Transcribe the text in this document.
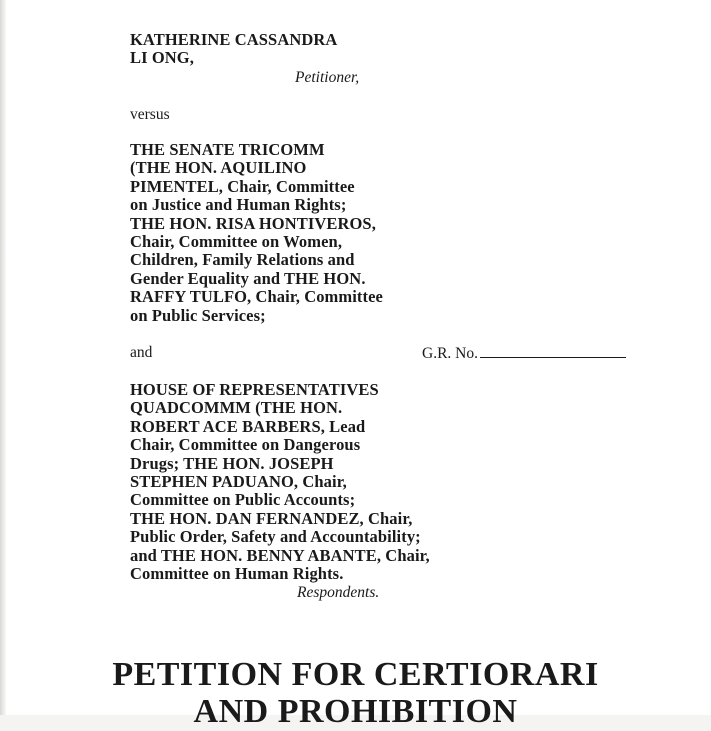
KATHERINE CASSANDRA
LI ONG,
Petitioner,
versus
THE SENATE TRICOMM
(THE HON. AQUILINO
PIMENTEL, Chair, Committee
on Justice and Human Rights;
THE HON. RISA HONTIVEROS,
Chair, Committee on Women,
Children, Family Relations and
Gender Equality and THE HON.
RAFFY TULFO, Chair, Committee
on Public Services;
and	G.R. No.
HOUSE OF REPRESENTATIVES
QUADCOMMM (THE HON.
ROBERT ACE BARBERS, Lead
Chair, Committee on Dangerous
Drugs; THE HON. JOSEPH
STEPHEN PADUANO, Chair,
Committee on Public Accounts;
THE HON. DAN FERNANDEZ, Chair,
Public Order, Safety and Accountability;
and THE HON. BENNY ABANTE, Chair,
Committee on Human Rights.
Respondents.
PETITION FOR CERTIORARI
AND PROHIBITION
